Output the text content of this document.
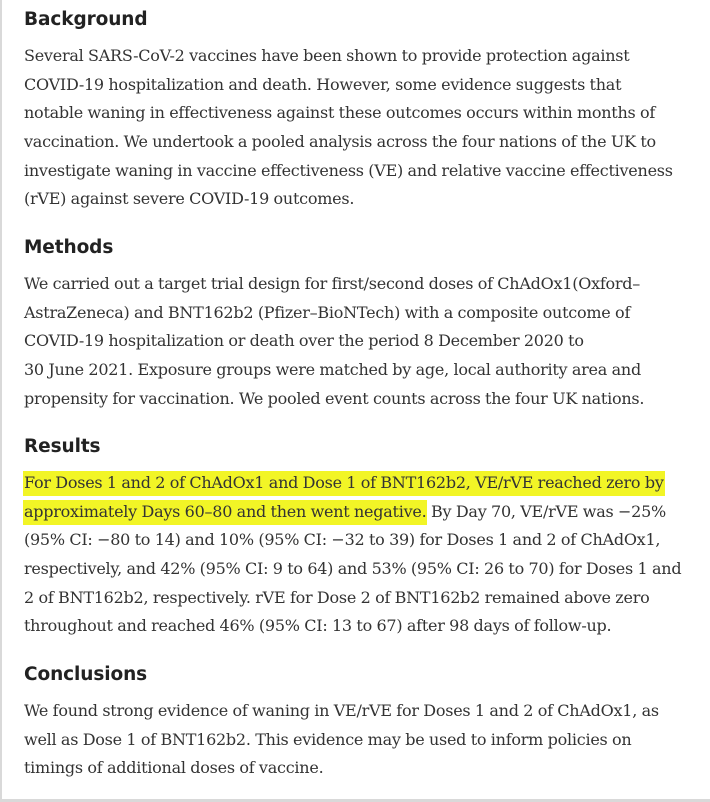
Background

Several SARS-CoV-2 vaccines have been shown to provide protection against
COVID-19 hospitalization and death. However, some evidence suggests that
notable waning in effectiveness against these outcomes occurs within months of
vaccination. We undertook a pooled analysis across the four nations of the UK to
investigate waning in vaccine effectiveness (VE) and relative vaccine effectiveness
(rVE) against severe COVID-19 outcomes.

Methods

We carried out a target trial design for first/second doses of ChAdOx1(Oxford–
AstraZeneca) and BNT162b2 (Pfizer–BioNTech) with a composite outcome of
COVID-19 hospitalization or death over the period 8 December 2020 to
30 June 2021. Exposure groups were matched by age, local authority area and
propensity for vaccination. We pooled event counts across the four UK nations.

Results

For Doses 1 and 2 of ChAdOx1 and Dose 1 of BNT162b2, VE/rVE reached zero by
approximately Days 60–80 and then went negative. By Day 70, VE/rVE was −25%
(95% CI: −80 to 14) and 10% (95% CI: −32 to 39) for Doses 1 and 2 of ChAdOx1,
respectively, and 42% (95% CI: 9 to 64) and 53% (95% CI: 26 to 70) for Doses 1 and
2 of BNT162b2, respectively. rVE for Dose 2 of BNT162b2 remained above zero
throughout and reached 46% (95% CI: 13 to 67) after 98 days of follow-up.

Conclusions

We found strong evidence of waning in VE/rVE for Doses 1 and 2 of ChAdOx1, as
well as Dose 1 of BNT162b2. This evidence may be used to inform policies on
timings of additional doses of vaccine.
